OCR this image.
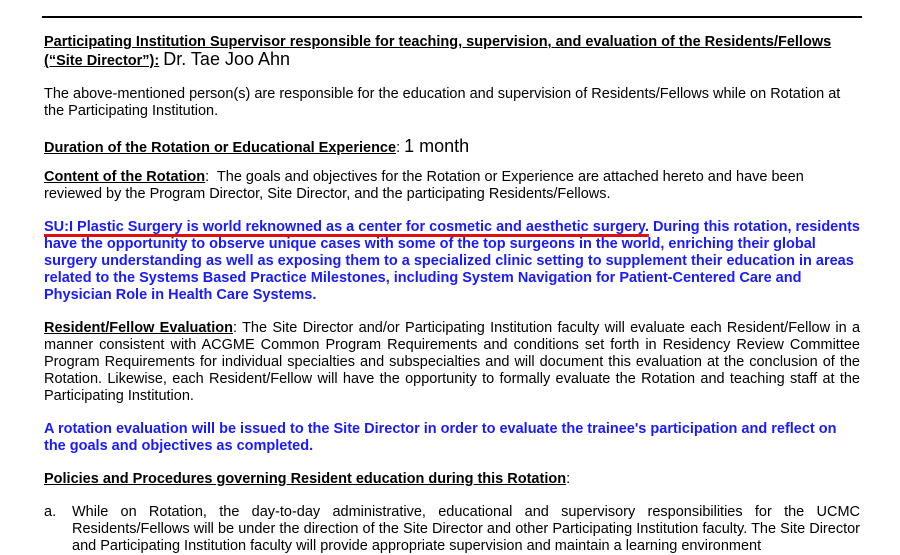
Participating Institution Supervisor responsible for teaching, supervision, and evaluation of the Residents/Fellows (“Site Director”): Dr. Tae Joo Ahn

The above-mentioned person(s) are responsible for the education and supervision of Residents/Fellows while on Rotation at the Participating Institution.

Duration of the Rotation or Educational Experience: 1 month

Content of the Rotation:  The goals and objectives for the Rotation or Experience are attached hereto and have been reviewed by the Program Director, Site Director, and the participating Residents/Fellows.

SU:I Plastic Surgery is world reknowned as a center for cosmetic and aesthetic surgery. During this rotation, residents have the opportunity to observe unique cases with some of the top surgeons in the world, enriching their global surgery understanding as well as exposing them to a specialized clinic setting to supplement their education in areas related to the Systems Based Practice Milestones, including System Navigation for Patient-Centered Care and Physician Role in Health Care Systems.

Resident/Fellow Evaluation: The Site Director and/or Participating Institution faculty will evaluate each Resident/Fellow in a manner consistent with ACGME Common Program Requirements and conditions set forth in Residency Review Committee Program Requirements for individual specialties and subspecialties and will document this evaluation at the conclusion of the Rotation. Likewise, each Resident/Fellow will have the opportunity to formally evaluate the Rotation and teaching staff at the Participating Institution.

A rotation evaluation will be issued to the Site Director in order to evaluate the trainee's participation and reflect on the goals and objectives as completed.

Policies and Procedures governing Resident education during this Rotation:

a.	While on Rotation, the day-to-day administrative, educational and supervisory responsibilities for the UCMC Residents/Fellows will be under the direction of the Site Director and other Participating Institution faculty. The Site Director and Participating Institution faculty will provide appropriate supervision and maintain a learning environment
